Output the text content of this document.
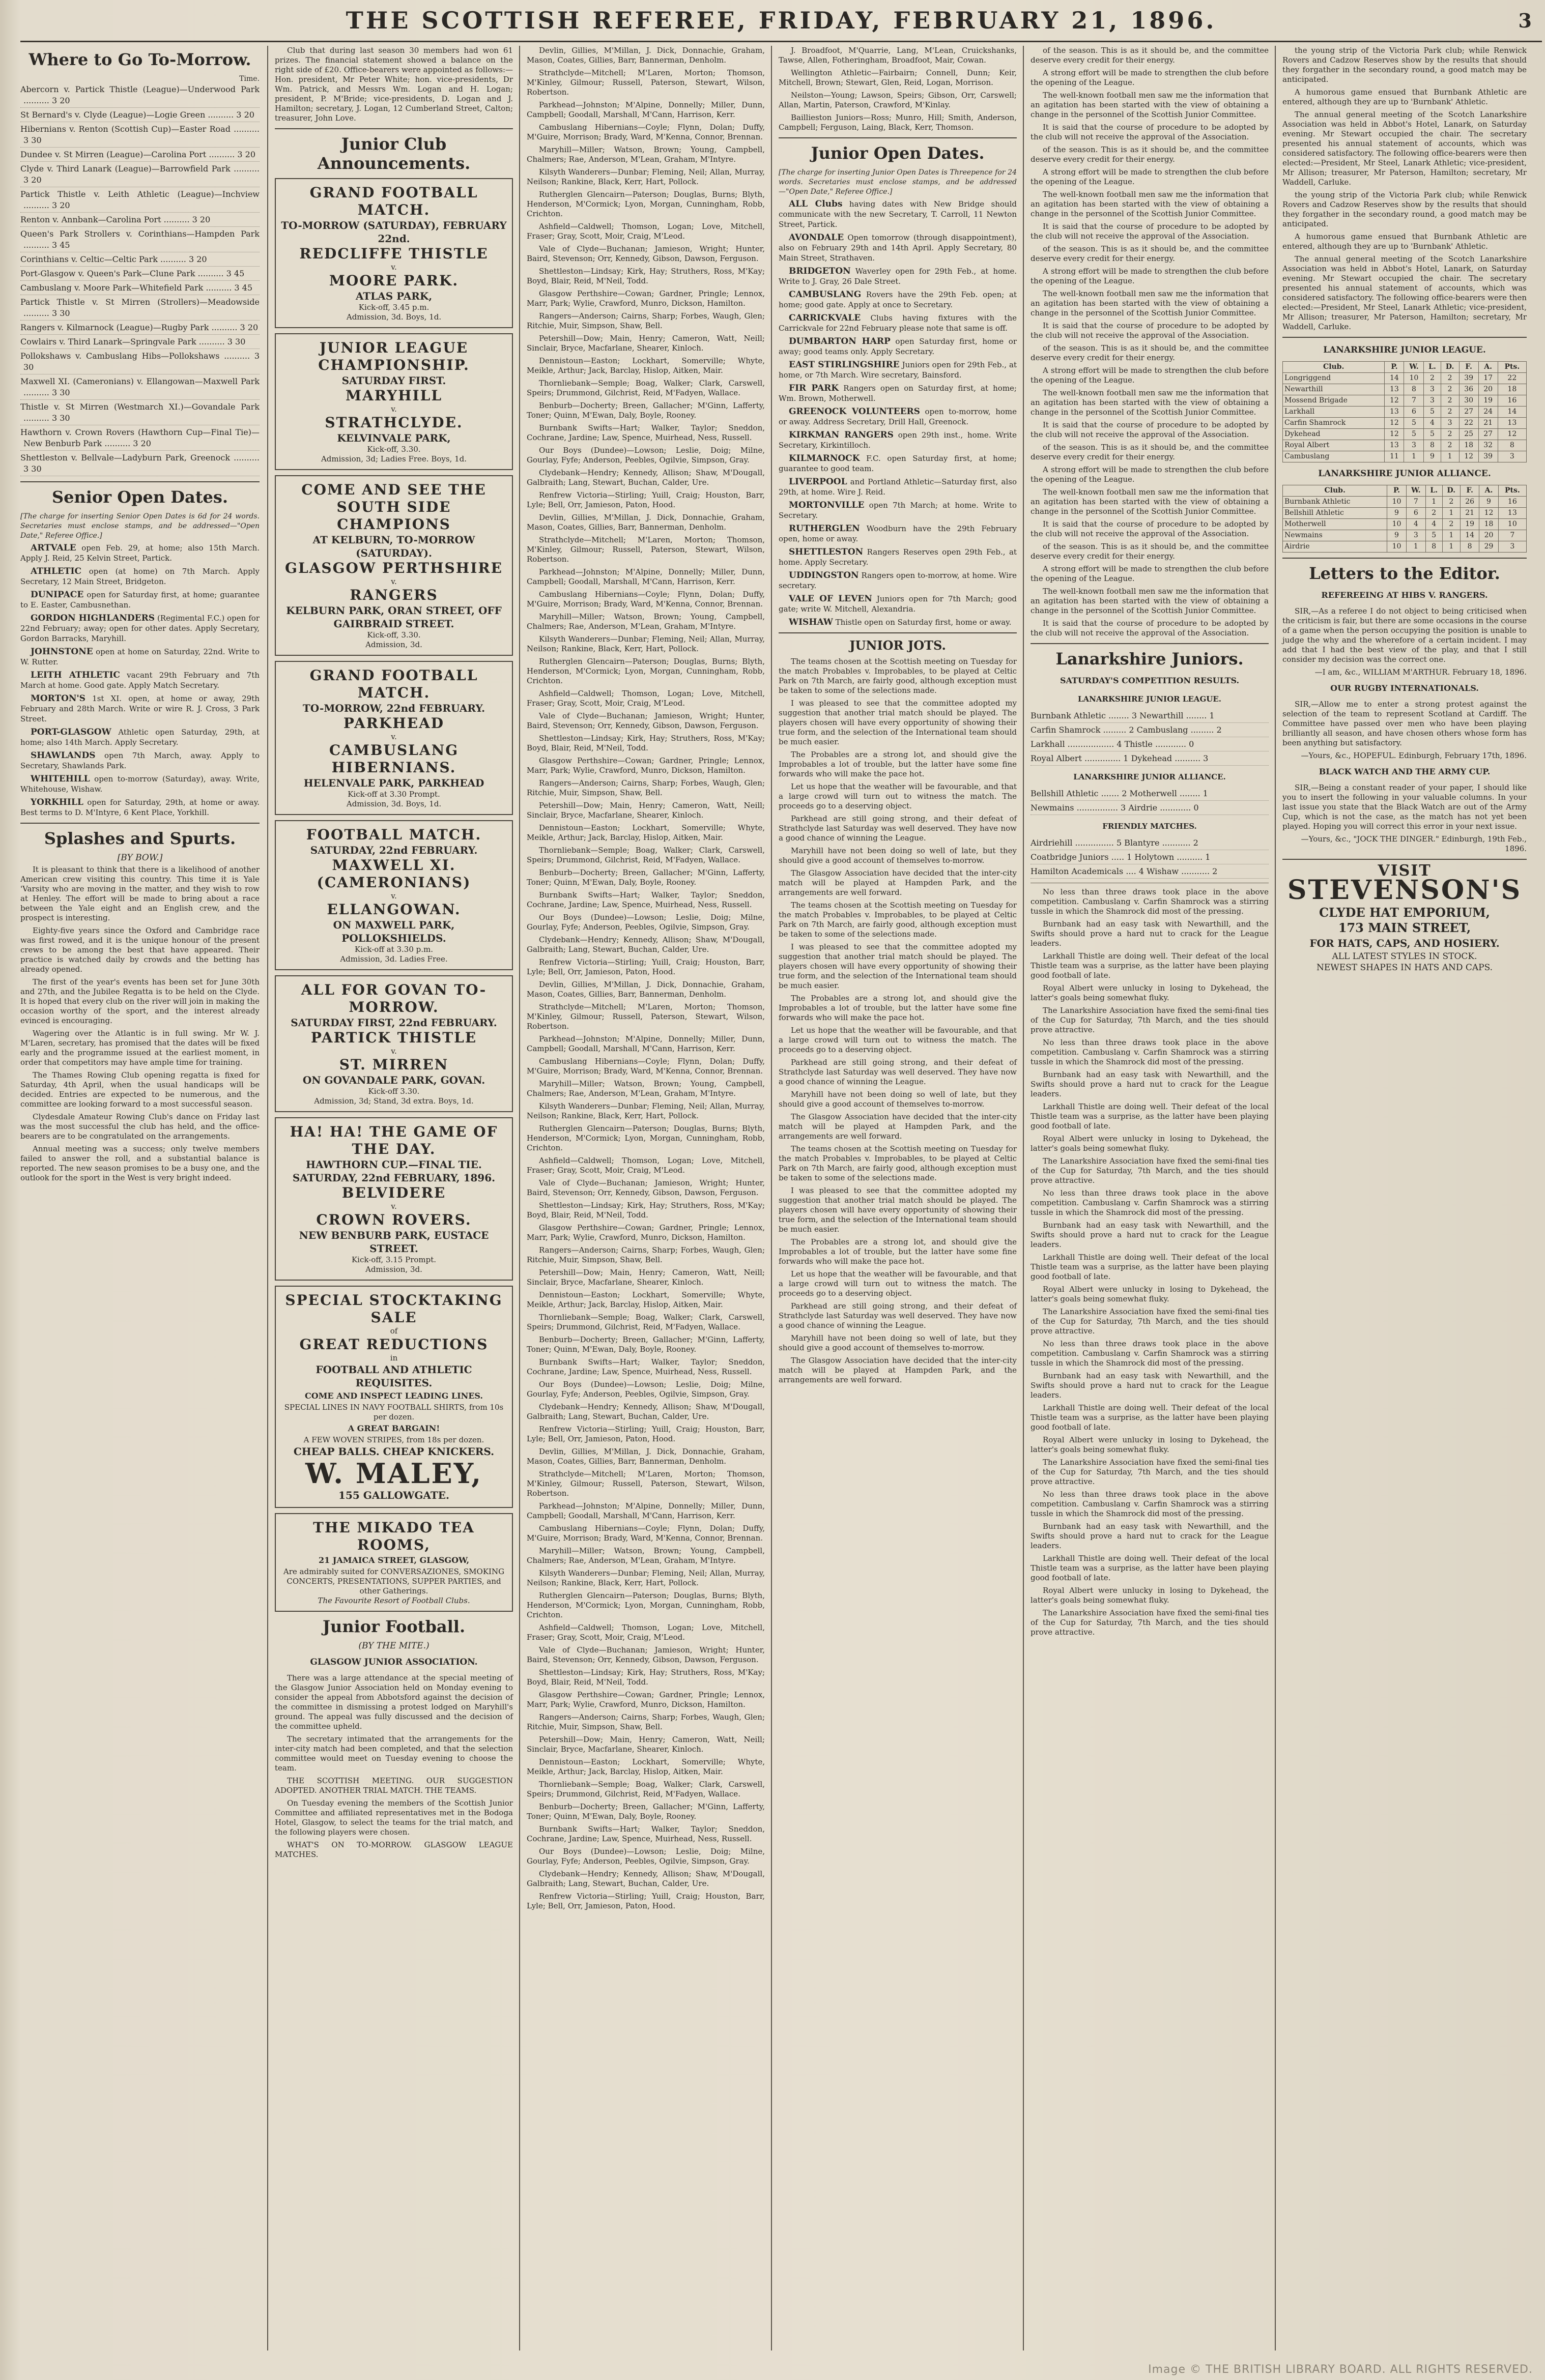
THE SCOTTISH REFEREE, FRIDAY, FEBRUARY 21, 1896.	3
Where to Go To-Morrow.
Time.
Abercorn v. Partick Thistle (League)—Underwood Park .......... 3 20
St Bernard's v. Clyde (League)—Logie Green .......... 3 20
Hibernians v. Renton (Scottish Cup)—Easter Road .......... 3 30
Dundee v. St Mirren (League)—Carolina Port .......... 3 20
Clyde v. Third Lanark (League)—Barrowfield Park .......... 3 20
Partick Thistle v. Leith Athletic (League)—Inchview .......... 3 20
Renton v. Annbank—Carolina Port .......... 3 20
Queen's Park Strollers v. Corinthians—Hampden Park .......... 3 45
Corinthians v. Celtic—Celtic Park .......... 3 20
Port-Glasgow v. Queen's Park—Clune Park .......... 3 45
Cambuslang v. Moore Park—Whitefield Park .......... 3 45
Partick Thistle v. St Mirren (Strollers)—Meadowside .......... 3 30
Rangers v. Kilmarnock (League)—Rugby Park .......... 3 20
Cowlairs v. Third Lanark—Springvale Park .......... 3 30
Pollokshaws v. Cambuslang Hibs—Pollokshaws .......... 3 30
Maxwell XI. (Cameronians) v. Ellangowan—Maxwell Park .......... 3 30
Thistle v. St Mirren (Westmarch XI.)—Govandale Park .......... 3 30
Hawthorn v. Crown Rovers (Hawthorn Cup—Final Tie)—New Benburb Park .......... 3 20
Shettleston v. Bellvale—Ladyburn Park, Greenock .......... 3 30
Senior Open Dates.
[The charge for inserting Senior Open Dates is 6d for 24 words. Secretaries must enclose stamps, and be addressed—"Open Date," Referee Office.]
ARTVALE open Feb. 29, at home; also 15th March. Apply J. Reid, 25 Kelvin Street, Partick.
ATHLETIC open (at home) on 7th March. Apply Secretary, 12 Main Street, Bridgeton.
DUNIPACE open for Saturday first, at home; guarantee to E. Easter, Cambusnethan.
GORDON HIGHLANDERS (Regimental F.C.) open for 22nd February; away; open for other dates. Apply Secretary, Gordon Barracks, Maryhill.
JOHNSTONE open at home on Saturday, 22nd. Write to W. Rutter.
LEITH ATHLETIC vacant 29th February and 7th March at home. Good gate. Apply Match Secretary.
MORTON'S 1st XI. open, at home or away, 29th February and 28th March. Write or wire R. J. Cross, 3 Park Street.
PORT-GLASGOW Athletic open Saturday, 29th, at home; also 14th March. Apply Secretary.
SHAWLANDS open 7th March, away. Apply to Secretary, Shawlands Park.
WHITEHILL open to-morrow (Saturday), away. Write, Whitehouse, Wishaw.
YORKHILL open for Saturday, 29th, at home or away. Best terms to D. M'Intyre, 6 Kent Place, Yorkhill.
Splashes and Spurts.
[BY BOW.]

It is pleasant to think that there is a likelihood of another American crew visiting this country. This time it is Yale 'Varsity who are moving in the matter, and they wish to row at Henley. The effort will be made to bring about a race between the Yale eight and an English crew, and the prospect is interesting.

Eighty-five years since the Oxford and Cambridge race was first rowed, and it is the unique honour of the present crews to be among the best that have appeared. Their practice is watched daily by crowds and the betting has already opened.

The first of the year's events has been set for June 30th and 27th, and the Jubilee Regatta is to be held on the Clyde. It is hoped that every club on the river will join in making the occasion worthy of the sport, and the interest already evinced is encouraging.

Wagering over the Atlantic is in full swing. Mr W. J. M'Laren, secretary, has promised that the dates will be fixed early and the programme issued at the earliest moment, in order that competitors may have ample time for training.

The Thames Rowing Club opening regatta is fixed for Saturday, 4th April, when the usual handicaps will be decided. Entries are expected to be numerous, and the committee are looking forward to a most successful season.

Clydesdale Amateur Rowing Club's dance on Friday last was the most successful the club has held, and the office-bearers are to be congratulated on the arrangements.

Annual meeting was a success; only twelve members failed to answer the roll, and a substantial balance is reported. The new season promises to be a busy one, and the outlook for the sport in the West is very bright indeed.

Club that during last season 30 members had won 61 prizes. The financial statement showed a balance on the right side of £20. Office-bearers were appointed as follows:—Hon. president, Mr Peter White; hon. vice-presidents, Dr Wm. Patrick, and Messrs Wm. Logan and H. Logan; president, P. M'Bride; vice-presidents, D. Logan and J. Hamilton; secretary, J. Logan, 12 Cumberland Street, Calton; treasurer, John Love.
Junior Club Announcements.
GRAND FOOTBALL MATCH.
TO-MORROW (SATURDAY), FEBRUARY 22nd.
REDCLIFFE THISTLE
v.
MOORE PARK.
ATLAS PARK,
Kick-off, 3.45 p.m.
Admission, 3d. Boys, 1d.
JUNIOR LEAGUE CHAMPIONSHIP.
SATURDAY FIRST.
MARYHILL
v.
STRATHCLYDE.
KELVINVALE PARK,
Kick-off, 3.30.
Admission, 3d; Ladies Free. Boys, 1d.
COME AND SEE THE SOUTH SIDE CHAMPIONS
AT KELBURN, TO-MORROW (SATURDAY).
GLASGOW PERTHSHIRE
v.
RANGERS
KELBURN PARK, ORAN STREET, OFF GAIRBRAID STREET.
Kick-off, 3.30.
Admission, 3d.
GRAND FOOTBALL MATCH.
TO-MORROW, 22nd FEBRUARY.
PARKHEAD
v.
CAMBUSLANG HIBERNIANS.
HELENVALE PARK, PARKHEAD
Kick-off at 3.30 Prompt.
Admission, 3d. Boys, 1d.
FOOTBALL MATCH.
SATURDAY, 22nd FEBRUARY.
MAXWELL XI. (CAMERONIANS)
v.
ELLANGOWAN.
ON MAXWELL PARK, POLLOKSHIELDS.
Kick-off at 3.30 p.m.
Admission, 3d. Ladies Free.
ALL FOR GOVAN TO-MORROW.
SATURDAY FIRST, 22nd FEBRUARY.
PARTICK THISTLE
v.
ST. MIRREN
ON GOVANDALE PARK, GOVAN.
Kick-off 3.30.
Admission, 3d; Stand, 3d extra. Boys, 1d.
HA! HA! THE GAME OF THE DAY.
HAWTHORN CUP.—FINAL TIE. SATURDAY, 22nd FEBRUARY, 1896.
BELVIDERE
v.
CROWN ROVERS.
NEW BENBURB PARK, EUSTACE STREET.
Kick-off, 3.15 Prompt.
Admission, 3d.
SPECIAL STOCKTAKING SALE
of
GREAT REDUCTIONS
in
FOOTBALL AND ATHLETIC REQUISITES.
COME AND INSPECT LEADING LINES.
SPECIAL LINES IN NAVY FOOTBALL SHIRTS, from 10s per dozen.
A GREAT BARGAIN!
A FEW WOVEN STRIPES, from 18s per dozen.
CHEAP BALLS. CHEAP KNICKERS.
W. MALEY,
155 GALLOWGATE.
THE MIKADO TEA ROOMS,
21 JAMAICA STREET, GLASGOW,
Are admirably suited for CONVERSAZIONES, SMOKING CONCERTS, PRESENTATIONS, SUPPER PARTIES, and other Gatherings.
The Favourite Resort of Football Clubs.
Junior Football.
(BY THE MITE.)
GLASGOW JUNIOR ASSOCIATION.

There was a large attendance at the special meeting of the Glasgow Junior Association held on Monday evening to consider the appeal from Abbotsford against the decision of the committee in dismissing a protest lodged on Maryhill's ground. The appeal was fully discussed and the decision of the committee upheld.

The secretary intimated that the arrangements for the inter-city match had been completed, and that the selection committee would meet on Tuesday evening to choose the team.

THE SCOTTISH MEETING. OUR SUGGESTION ADOPTED. ANOTHER TRIAL MATCH. THE TEAMS.

On Tuesday evening the members of the Scottish Junior Committee and affiliated representatives met in the Bodoga Hotel, Glasgow, to select the teams for the trial match, and the following players were chosen.

WHAT'S ON TO-MORROW. GLASGOW LEAGUE MATCHES.

Devlin, Gillies, M'Millan, J. Dick, Donnachie, Graham, Mason, Coates, Gillies, Barr, Bannerman, Denholm.

Strathclyde—Mitchell; M'Laren, Morton; Thomson, M'Kinley, Gilmour; Russell, Paterson, Stewart, Wilson, Robertson.

Parkhead—Johnston; M'Alpine, Donnelly; Miller, Dunn, Campbell; Goodall, Marshall, M'Cann, Harrison, Kerr.

Cambuslang Hibernians—Coyle; Flynn, Dolan; Duffy, M'Guire, Morrison; Brady, Ward, M'Kenna, Connor, Brennan.

Maryhill—Miller; Watson, Brown; Young, Campbell, Chalmers; Rae, Anderson, M'Lean, Graham, M'Intyre.

Kilsyth Wanderers—Dunbar; Fleming, Neil; Allan, Murray, Neilson; Rankine, Black, Kerr, Hart, Pollock.

Rutherglen Glencairn—Paterson; Douglas, Burns; Blyth, Henderson, M'Cormick; Lyon, Morgan, Cunningham, Robb, Crichton.

Ashfield—Caldwell; Thomson, Logan; Love, Mitchell, Fraser; Gray, Scott, Moir, Craig, M'Leod.

Vale of Clyde—Buchanan; Jamieson, Wright; Hunter, Baird, Stevenson; Orr, Kennedy, Gibson, Dawson, Ferguson.

Shettleston—Lindsay; Kirk, Hay; Struthers, Ross, M'Kay; Boyd, Blair, Reid, M'Neil, Todd.

Glasgow Perthshire—Cowan; Gardner, Pringle; Lennox, Marr, Park; Wylie, Crawford, Munro, Dickson, Hamilton.

Rangers—Anderson; Cairns, Sharp; Forbes, Waugh, Glen; Ritchie, Muir, Simpson, Shaw, Bell.

Petershill—Dow; Main, Henry; Cameron, Watt, Neill; Sinclair, Bryce, Macfarlane, Shearer, Kinloch.

Dennistoun—Easton; Lockhart, Somerville; Whyte, Meikle, Arthur; Jack, Barclay, Hislop, Aitken, Mair.

Thornliebank—Semple; Boag, Walker; Clark, Carswell, Speirs; Drummond, Gilchrist, Reid, M'Fadyen, Wallace.

Benburb—Docherty; Breen, Gallacher; M'Ginn, Lafferty, Toner; Quinn, M'Ewan, Daly, Boyle, Rooney.

Burnbank Swifts—Hart; Walker, Taylor; Sneddon, Cochrane, Jardine; Law, Spence, Muirhead, Ness, Russell.

Our Boys (Dundee)—Lowson; Leslie, Doig; Milne, Gourlay, Fyfe; Anderson, Peebles, Ogilvie, Simpson, Gray.

Clydebank—Hendry; Kennedy, Allison; Shaw, M'Dougall, Galbraith; Lang, Stewart, Buchan, Calder, Ure.

Renfrew Victoria—Stirling; Yuill, Craig; Houston, Barr, Lyle; Bell, Orr, Jamieson, Paton, Hood.

Devlin, Gillies, M'Millan, J. Dick, Donnachie, Graham, Mason, Coates, Gillies, Barr, Bannerman, Denholm.

Strathclyde—Mitchell; M'Laren, Morton; Thomson, M'Kinley, Gilmour; Russell, Paterson, Stewart, Wilson, Robertson.

Parkhead—Johnston; M'Alpine, Donnelly; Miller, Dunn, Campbell; Goodall, Marshall, M'Cann, Harrison, Kerr.

Cambuslang Hibernians—Coyle; Flynn, Dolan; Duffy, M'Guire, Morrison; Brady, Ward, M'Kenna, Connor, Brennan.

Maryhill—Miller; Watson, Brown; Young, Campbell, Chalmers; Rae, Anderson, M'Lean, Graham, M'Intyre.

Kilsyth Wanderers—Dunbar; Fleming, Neil; Allan, Murray, Neilson; Rankine, Black, Kerr, Hart, Pollock.

Rutherglen Glencairn—Paterson; Douglas, Burns; Blyth, Henderson, M'Cormick; Lyon, Morgan, Cunningham, Robb, Crichton.

Ashfield—Caldwell; Thomson, Logan; Love, Mitchell, Fraser; Gray, Scott, Moir, Craig, M'Leod.

Vale of Clyde—Buchanan; Jamieson, Wright; Hunter, Baird, Stevenson; Orr, Kennedy, Gibson, Dawson, Ferguson.

Shettleston—Lindsay; Kirk, Hay; Struthers, Ross, M'Kay; Boyd, Blair, Reid, M'Neil, Todd.

Glasgow Perthshire—Cowan; Gardner, Pringle; Lennox, Marr, Park; Wylie, Crawford, Munro, Dickson, Hamilton.

Rangers—Anderson; Cairns, Sharp; Forbes, Waugh, Glen; Ritchie, Muir, Simpson, Shaw, Bell.

Petershill—Dow; Main, Henry; Cameron, Watt, Neill; Sinclair, Bryce, Macfarlane, Shearer, Kinloch.

Dennistoun—Easton; Lockhart, Somerville; Whyte, Meikle, Arthur; Jack, Barclay, Hislop, Aitken, Mair.

Thornliebank—Semple; Boag, Walker; Clark, Carswell, Speirs; Drummond, Gilchrist, Reid, M'Fadyen, Wallace.

Benburb—Docherty; Breen, Gallacher; M'Ginn, Lafferty, Toner; Quinn, M'Ewan, Daly, Boyle, Rooney.

Burnbank Swifts—Hart; Walker, Taylor; Sneddon, Cochrane, Jardine; Law, Spence, Muirhead, Ness, Russell.

Our Boys (Dundee)—Lowson; Leslie, Doig; Milne, Gourlay, Fyfe; Anderson, Peebles, Ogilvie, Simpson, Gray.

Clydebank—Hendry; Kennedy, Allison; Shaw, M'Dougall, Galbraith; Lang, Stewart, Buchan, Calder, Ure.

Renfrew Victoria—Stirling; Yuill, Craig; Houston, Barr, Lyle; Bell, Orr, Jamieson, Paton, Hood.

Devlin, Gillies, M'Millan, J. Dick, Donnachie, Graham, Mason, Coates, Gillies, Barr, Bannerman, Denholm.

Strathclyde—Mitchell; M'Laren, Morton; Thomson, M'Kinley, Gilmour; Russell, Paterson, Stewart, Wilson, Robertson.

Parkhead—Johnston; M'Alpine, Donnelly; Miller, Dunn, Campbell; Goodall, Marshall, M'Cann, Harrison, Kerr.

Cambuslang Hibernians—Coyle; Flynn, Dolan; Duffy, M'Guire, Morrison; Brady, Ward, M'Kenna, Connor, Brennan.

Maryhill—Miller; Watson, Brown; Young, Campbell, Chalmers; Rae, Anderson, M'Lean, Graham, M'Intyre.

Kilsyth Wanderers—Dunbar; Fleming, Neil; Allan, Murray, Neilson; Rankine, Black, Kerr, Hart, Pollock.

Rutherglen Glencairn—Paterson; Douglas, Burns; Blyth, Henderson, M'Cormick; Lyon, Morgan, Cunningham, Robb, Crichton.

Ashfield—Caldwell; Thomson, Logan; Love, Mitchell, Fraser; Gray, Scott, Moir, Craig, M'Leod.

Vale of Clyde—Buchanan; Jamieson, Wright; Hunter, Baird, Stevenson; Orr, Kennedy, Gibson, Dawson, Ferguson.

Shettleston—Lindsay; Kirk, Hay; Struthers, Ross, M'Kay; Boyd, Blair, Reid, M'Neil, Todd.

Glasgow Perthshire—Cowan; Gardner, Pringle; Lennox, Marr, Park; Wylie, Crawford, Munro, Dickson, Hamilton.

Rangers—Anderson; Cairns, Sharp; Forbes, Waugh, Glen; Ritchie, Muir, Simpson, Shaw, Bell.

Petershill—Dow; Main, Henry; Cameron, Watt, Neill; Sinclair, Bryce, Macfarlane, Shearer, Kinloch.

Dennistoun—Easton; Lockhart, Somerville; Whyte, Meikle, Arthur; Jack, Barclay, Hislop, Aitken, Mair.

Thornliebank—Semple; Boag, Walker; Clark, Carswell, Speirs; Drummond, Gilchrist, Reid, M'Fadyen, Wallace.

Benburb—Docherty; Breen, Gallacher; M'Ginn, Lafferty, Toner; Quinn, M'Ewan, Daly, Boyle, Rooney.

Burnbank Swifts—Hart; Walker, Taylor; Sneddon, Cochrane, Jardine; Law, Spence, Muirhead, Ness, Russell.

Our Boys (Dundee)—Lowson; Leslie, Doig; Milne, Gourlay, Fyfe; Anderson, Peebles, Ogilvie, Simpson, Gray.

Clydebank—Hendry; Kennedy, Allison; Shaw, M'Dougall, Galbraith; Lang, Stewart, Buchan, Calder, Ure.

Renfrew Victoria—Stirling; Yuill, Craig; Houston, Barr, Lyle; Bell, Orr, Jamieson, Paton, Hood.

Devlin, Gillies, M'Millan, J. Dick, Donnachie, Graham, Mason, Coates, Gillies, Barr, Bannerman, Denholm.

Strathclyde—Mitchell; M'Laren, Morton; Thomson, M'Kinley, Gilmour; Russell, Paterson, Stewart, Wilson, Robertson.

Parkhead—Johnston; M'Alpine, Donnelly; Miller, Dunn, Campbell; Goodall, Marshall, M'Cann, Harrison, Kerr.

Cambuslang Hibernians—Coyle; Flynn, Dolan; Duffy, M'Guire, Morrison; Brady, Ward, M'Kenna, Connor, Brennan.

Maryhill—Miller; Watson, Brown; Young, Campbell, Chalmers; Rae, Anderson, M'Lean, Graham, M'Intyre.

Kilsyth Wanderers—Dunbar; Fleming, Neil; Allan, Murray, Neilson; Rankine, Black, Kerr, Hart, Pollock.

Rutherglen Glencairn—Paterson; Douglas, Burns; Blyth, Henderson, M'Cormick; Lyon, Morgan, Cunningham, Robb, Crichton.

Ashfield—Caldwell; Thomson, Logan; Love, Mitchell, Fraser; Gray, Scott, Moir, Craig, M'Leod.

Vale of Clyde—Buchanan; Jamieson, Wright; Hunter, Baird, Stevenson; Orr, Kennedy, Gibson, Dawson, Ferguson.

Shettleston—Lindsay; Kirk, Hay; Struthers, Ross, M'Kay; Boyd, Blair, Reid, M'Neil, Todd.

Glasgow Perthshire—Cowan; Gardner, Pringle; Lennox, Marr, Park; Wylie, Crawford, Munro, Dickson, Hamilton.

Rangers—Anderson; Cairns, Sharp; Forbes, Waugh, Glen; Ritchie, Muir, Simpson, Shaw, Bell.

Petershill—Dow; Main, Henry; Cameron, Watt, Neill; Sinclair, Bryce, Macfarlane, Shearer, Kinloch.

Dennistoun—Easton; Lockhart, Somerville; Whyte, Meikle, Arthur; Jack, Barclay, Hislop, Aitken, Mair.

Thornliebank—Semple; Boag, Walker; Clark, Carswell, Speirs; Drummond, Gilchrist, Reid, M'Fadyen, Wallace.

Benburb—Docherty; Breen, Gallacher; M'Ginn, Lafferty, Toner; Quinn, M'Ewan, Daly, Boyle, Rooney.

Burnbank Swifts—Hart; Walker, Taylor; Sneddon, Cochrane, Jardine; Law, Spence, Muirhead, Ness, Russell.

Our Boys (Dundee)—Lowson; Leslie, Doig; Milne, Gourlay, Fyfe; Anderson, Peebles, Ogilvie, Simpson, Gray.

Clydebank—Hendry; Kennedy, Allison; Shaw, M'Dougall, Galbraith; Lang, Stewart, Buchan, Calder, Ure.

Renfrew Victoria—Stirling; Yuill, Craig; Houston, Barr, Lyle; Bell, Orr, Jamieson, Paton, Hood.

J. Broadfoot, M'Quarrie, Lang, M'Lean, Cruickshanks, Tawse, Allen, Fotheringham, Broadfoot, Mair, Cowan.

Wellington Athletic—Fairbairn; Connell, Dunn; Keir, Mitchell, Brown; Stewart, Glen, Reid, Logan, Morrison.

Neilston—Young; Lawson, Speirs; Gibson, Orr, Carswell; Allan, Martin, Paterson, Crawford, M'Kinlay.

Baillieston Juniors—Ross; Munro, Hill; Smith, Anderson, Campbell; Ferguson, Laing, Black, Kerr, Thomson.

Junior Open Dates.
[The charge for inserting Junior Open Dates is Threepence for 24 words. Secretaries must enclose stamps, and be addressed—"Open Date," Referee Office.]
ALL Clubs having dates with New Bridge should communicate with the new Secretary, T. Carroll, 11 Newton Street, Partick.
AVONDALE Open tomorrow (through disappointment), also on February 29th and 14th April. Apply Secretary, 80 Main Street, Strathaven.
BRIDGETON Waverley open for 29th Feb., at home. Write to J. Gray, 26 Dale Street.
CAMBUSLANG Rovers have the 29th Feb. open; at home; good gate. Apply at once to Secretary.
CARRICKVALE Clubs having fixtures with the Carrickvale for 22nd February please note that same is off.
DUMBARTON HARP open Saturday first, home or away; good teams only. Apply Secretary.
EAST STIRLINGSHIRE Juniors open for 29th Feb., at home, or 7th March. Wire secretary, Bainsford.
FIR PARK Rangers open on Saturday first, at home; Wm. Brown, Motherwell.
GREENOCK VOLUNTEERS open to-morrow, home or away. Address Secretary, Drill Hall, Greenock.
KIRKMAN RANGERS open 29th inst., home. Write Secretary, Kirkintilloch.
KILMARNOCK F.C. open Saturday first, at home; guarantee to good team.
LIVERPOOL and Portland Athletic—Saturday first, also 29th, at home. Wire J. Reid.
MORTONVILLE open 7th March; at home. Write to Secretary.
RUTHERGLEN Woodburn have the 29th February open, home or away.
SHETTLESTON Rangers Reserves open 29th Feb., at home. Apply Secretary.
UDDINGSTON Rangers open to-morrow, at home. Wire secretary.
VALE OF LEVEN Juniors open for 7th March; good gate; write W. Mitchell, Alexandria.
WISHAW Thistle open on Saturday first, home or away.
JUNIOR JOTS.

The teams chosen at the Scottish meeting on Tuesday for the match Probables v. Improbables, to be played at Celtic Park on 7th March, are fairly good, although exception must be taken to some of the selections made.

I was pleased to see that the committee adopted my suggestion that another trial match should be played. The players chosen will have every opportunity of showing their true form, and the selection of the International team should be much easier.

The Probables are a strong lot, and should give the Improbables a lot of trouble, but the latter have some fine forwards who will make the pace hot.

Let us hope that the weather will be favourable, and that a large crowd will turn out to witness the match. The proceeds go to a deserving object.

Parkhead are still going strong, and their defeat of Strathclyde last Saturday was well deserved. They have now a good chance of winning the League.

Maryhill have not been doing so well of late, but they should give a good account of themselves to-morrow.

The Glasgow Association have decided that the inter-city match will be played at Hampden Park, and the arrangements are well forward.

The teams chosen at the Scottish meeting on Tuesday for the match Probables v. Improbables, to be played at Celtic Park on 7th March, are fairly good, although exception must be taken to some of the selections made.

I was pleased to see that the committee adopted my suggestion that another trial match should be played. The players chosen will have every opportunity of showing their true form, and the selection of the International team should be much easier.

The Probables are a strong lot, and should give the Improbables a lot of trouble, but the latter have some fine forwards who will make the pace hot.

Let us hope that the weather will be favourable, and that a large crowd will turn out to witness the match. The proceeds go to a deserving object.

Parkhead are still going strong, and their defeat of Strathclyde last Saturday was well deserved. They have now a good chance of winning the League.

Maryhill have not been doing so well of late, but they should give a good account of themselves to-morrow.

The Glasgow Association have decided that the inter-city match will be played at Hampden Park, and the arrangements are well forward.

The teams chosen at the Scottish meeting on Tuesday for the match Probables v. Improbables, to be played at Celtic Park on 7th March, are fairly good, although exception must be taken to some of the selections made.

I was pleased to see that the committee adopted my suggestion that another trial match should be played. The players chosen will have every opportunity of showing their true form, and the selection of the International team should be much easier.

The Probables are a strong lot, and should give the Improbables a lot of trouble, but the latter have some fine forwards who will make the pace hot.

Let us hope that the weather will be favourable, and that a large crowd will turn out to witness the match. The proceeds go to a deserving object.

Parkhead are still going strong, and their defeat of Strathclyde last Saturday was well deserved. They have now a good chance of winning the League.

Maryhill have not been doing so well of late, but they should give a good account of themselves to-morrow.

The Glasgow Association have decided that the inter-city match will be played at Hampden Park, and the arrangements are well forward.

of the season. This is as it should be, and the committee deserve every credit for their energy.

A strong effort will be made to strengthen the club before the opening of the League.

The well-known football men saw me the information that an agitation has been started with the view of obtaining a change in the personnel of the Scottish Junior Committee.

It is said that the course of procedure to be adopted by the club will not receive the approval of the Association.

of the season. This is as it should be, and the committee deserve every credit for their energy.

A strong effort will be made to strengthen the club before the opening of the League.

The well-known football men saw me the information that an agitation has been started with the view of obtaining a change in the personnel of the Scottish Junior Committee.

It is said that the course of procedure to be adopted by the club will not receive the approval of the Association.

of the season. This is as it should be, and the committee deserve every credit for their energy.

A strong effort will be made to strengthen the club before the opening of the League.

The well-known football men saw me the information that an agitation has been started with the view of obtaining a change in the personnel of the Scottish Junior Committee.

It is said that the course of procedure to be adopted by the club will not receive the approval of the Association.

of the season. This is as it should be, and the committee deserve every credit for their energy.

A strong effort will be made to strengthen the club before the opening of the League.

The well-known football men saw me the information that an agitation has been started with the view of obtaining a change in the personnel of the Scottish Junior Committee.

It is said that the course of procedure to be adopted by the club will not receive the approval of the Association.

of the season. This is as it should be, and the committee deserve every credit for their energy.

A strong effort will be made to strengthen the club before the opening of the League.

The well-known football men saw me the information that an agitation has been started with the view of obtaining a change in the personnel of the Scottish Junior Committee.

It is said that the course of procedure to be adopted by the club will not receive the approval of the Association.

of the season. This is as it should be, and the committee deserve every credit for their energy.

A strong effort will be made to strengthen the club before the opening of the League.

The well-known football men saw me the information that an agitation has been started with the view of obtaining a change in the personnel of the Scottish Junior Committee.

It is said that the course of procedure to be adopted by the club will not receive the approval of the Association.

Lanarkshire Juniors.
SATURDAY'S COMPETITION RESULTS.
LANARKSHIRE JUNIOR LEAGUE.
Burnbank Athletic ........ 3 Newarthill ........ 1
Carfin Shamrock ......... 2 Cambuslang ......... 2
Larkhall .................. 4 Thistle ............ 0
Royal Albert .............. 1 Dykehead .......... 3
LANARKSHIRE JUNIOR ALLIANCE.
Bellshill Athletic ....... 2 Motherwell ........ 1
Newmains ................ 3 Airdrie ............ 0
FRIENDLY MATCHES.
Airdriehill ............... 5 Blantyre ........... 2
Coatbridge Juniors ..... 1 Holytown .......... 1
Hamilton Academicals .... 4 Wishaw ........... 2

No less than three draws took place in the above competition. Cambuslang v. Carfin Shamrock was a stirring tussle in which the Shamrock did most of the pressing.

Burnbank had an easy task with Newarthill, and the Swifts should prove a hard nut to crack for the League leaders.

Larkhall Thistle are doing well. Their defeat of the local Thistle team was a surprise, as the latter have been playing good football of late.

Royal Albert were unlucky in losing to Dykehead, the latter's goals being somewhat fluky.

The Lanarkshire Association have fixed the semi-final ties of the Cup for Saturday, 7th March, and the ties should prove attractive.

No less than three draws took place in the above competition. Cambuslang v. Carfin Shamrock was a stirring tussle in which the Shamrock did most of the pressing.

Burnbank had an easy task with Newarthill, and the Swifts should prove a hard nut to crack for the League leaders.

Larkhall Thistle are doing well. Their defeat of the local Thistle team was a surprise, as the latter have been playing good football of late.

Royal Albert were unlucky in losing to Dykehead, the latter's goals being somewhat fluky.

The Lanarkshire Association have fixed the semi-final ties of the Cup for Saturday, 7th March, and the ties should prove attractive.

No less than three draws took place in the above competition. Cambuslang v. Carfin Shamrock was a stirring tussle in which the Shamrock did most of the pressing.

Burnbank had an easy task with Newarthill, and the Swifts should prove a hard nut to crack for the League leaders.

Larkhall Thistle are doing well. Their defeat of the local Thistle team was a surprise, as the latter have been playing good football of late.

Royal Albert were unlucky in losing to Dykehead, the latter's goals being somewhat fluky.

The Lanarkshire Association have fixed the semi-final ties of the Cup for Saturday, 7th March, and the ties should prove attractive.

No less than three draws took place in the above competition. Cambuslang v. Carfin Shamrock was a stirring tussle in which the Shamrock did most of the pressing.

Burnbank had an easy task with Newarthill, and the Swifts should prove a hard nut to crack for the League leaders.

Larkhall Thistle are doing well. Their defeat of the local Thistle team was a surprise, as the latter have been playing good football of late.

Royal Albert were unlucky in losing to Dykehead, the latter's goals being somewhat fluky.

The Lanarkshire Association have fixed the semi-final ties of the Cup for Saturday, 7th March, and the ties should prove attractive.

No less than three draws took place in the above competition. Cambuslang v. Carfin Shamrock was a stirring tussle in which the Shamrock did most of the pressing.

Burnbank had an easy task with Newarthill, and the Swifts should prove a hard nut to crack for the League leaders.

Larkhall Thistle are doing well. Their defeat of the local Thistle team was a surprise, as the latter have been playing good football of late.

Royal Albert were unlucky in losing to Dykehead, the latter's goals being somewhat fluky.

The Lanarkshire Association have fixed the semi-final ties of the Cup for Saturday, 7th March, and the ties should prove attractive.

the young strip of the Victoria Park club; while Renwick Rovers and Cadzow Reserves show by the results that should they forgather in the secondary round, a good match may be anticipated.

A humorous game ensued that Burnbank Athletic are entered, although they are up to 'Burnbank' Athletic.

The annual general meeting of the Scotch Lanarkshire Association was held in Abbot's Hotel, Lanark, on Saturday evening. Mr Stewart occupied the chair. The secretary presented his annual statement of accounts, which was considered satisfactory. The following office-bearers were then elected:—President, Mr Steel, Lanark Athletic; vice-president, Mr Allison; treasurer, Mr Paterson, Hamilton; secretary, Mr Waddell, Carluke.

the young strip of the Victoria Park club; while Renwick Rovers and Cadzow Reserves show by the results that should they forgather in the secondary round, a good match may be anticipated.

A humorous game ensued that Burnbank Athletic are entered, although they are up to 'Burnbank' Athletic.

The annual general meeting of the Scotch Lanarkshire Association was held in Abbot's Hotel, Lanark, on Saturday evening. Mr Stewart occupied the chair. The secretary presented his annual statement of accounts, which was considered satisfactory. The following office-bearers were then elected:—President, Mr Steel, Lanark Athletic; vice-president, Mr Allison; treasurer, Mr Paterson, Hamilton; secretary, Mr Waddell, Carluke.

LANARKSHIRE JUNIOR LEAGUE.
Club.	P.	W.	L.	D.	F.	A.	Pts.
Longriggend	14	10	2	2	39	17	22
Newarthill	13	8	3	2	36	20	18
Mossend Brigade	12	7	3	2	30	19	16
Larkhall	13	6	5	2	27	24	14
Carfin Shamrock	12	5	4	3	22	21	13
Dykehead	12	5	5	2	25	27	12
Royal Albert	13	3	8	2	18	32	8
Cambuslang	11	1	9	1	12	39	3
LANARKSHIRE JUNIOR ALLIANCE.
Club.	P.	W.	L.	D.	F.	A.	Pts.
Burnbank Athletic	10	7	1	2	26	9	16
Bellshill Athletic	9	6	2	1	21	12	13
Motherwell	10	4	4	2	19	18	10
Newmains	9	3	5	1	14	20	7
Airdrie	10	1	8	1	8	29	3
Letters to the Editor.
REFEREEING AT HIBS V. RANGERS.

SIR,—As a referee I do not object to being criticised when the criticism is fair, but there are some occasions in the course of a game when the person occupying the position is unable to judge the why and the wherefore of a certain incident. I may add that I had the best view of the play, and that I still consider my decision was the correct one.

—I am, &c., WILLIAM M'ARTHUR. February 18, 1896.

OUR RUGBY INTERNATIONALS.

SIR,—Allow me to enter a strong protest against the selection of the team to represent Scotland at Cardiff. The Committee have passed over men who have been playing brilliantly all season, and have chosen others whose form has been anything but satisfactory.

—Yours, &c., HOPEFUL. Edinburgh, February 17th, 1896.

BLACK WATCH AND THE ARMY CUP.

SIR,—Being a constant reader of your paper, I should like you to insert the following in your valuable columns. In your last issue you state that the Black Watch are out of the Army Cup, which is not the case, as the match has not yet been played. Hoping you will correct this error in your next issue.

—Yours, &c., "JOCK THE DINGER." Edinburgh, 19th Feb., 1896.

VISIT
STEVENSON'S
CLYDE HAT EMPORIUM,
173 MAIN STREET,
FOR HATS, CAPS, AND HOSIERY.
ALL LATEST STYLES IN STOCK.
NEWEST SHAPES IN HATS AND CAPS.
Image © THE BRITISH LIBRARY BOARD. ALL RIGHTS RESERVED.
